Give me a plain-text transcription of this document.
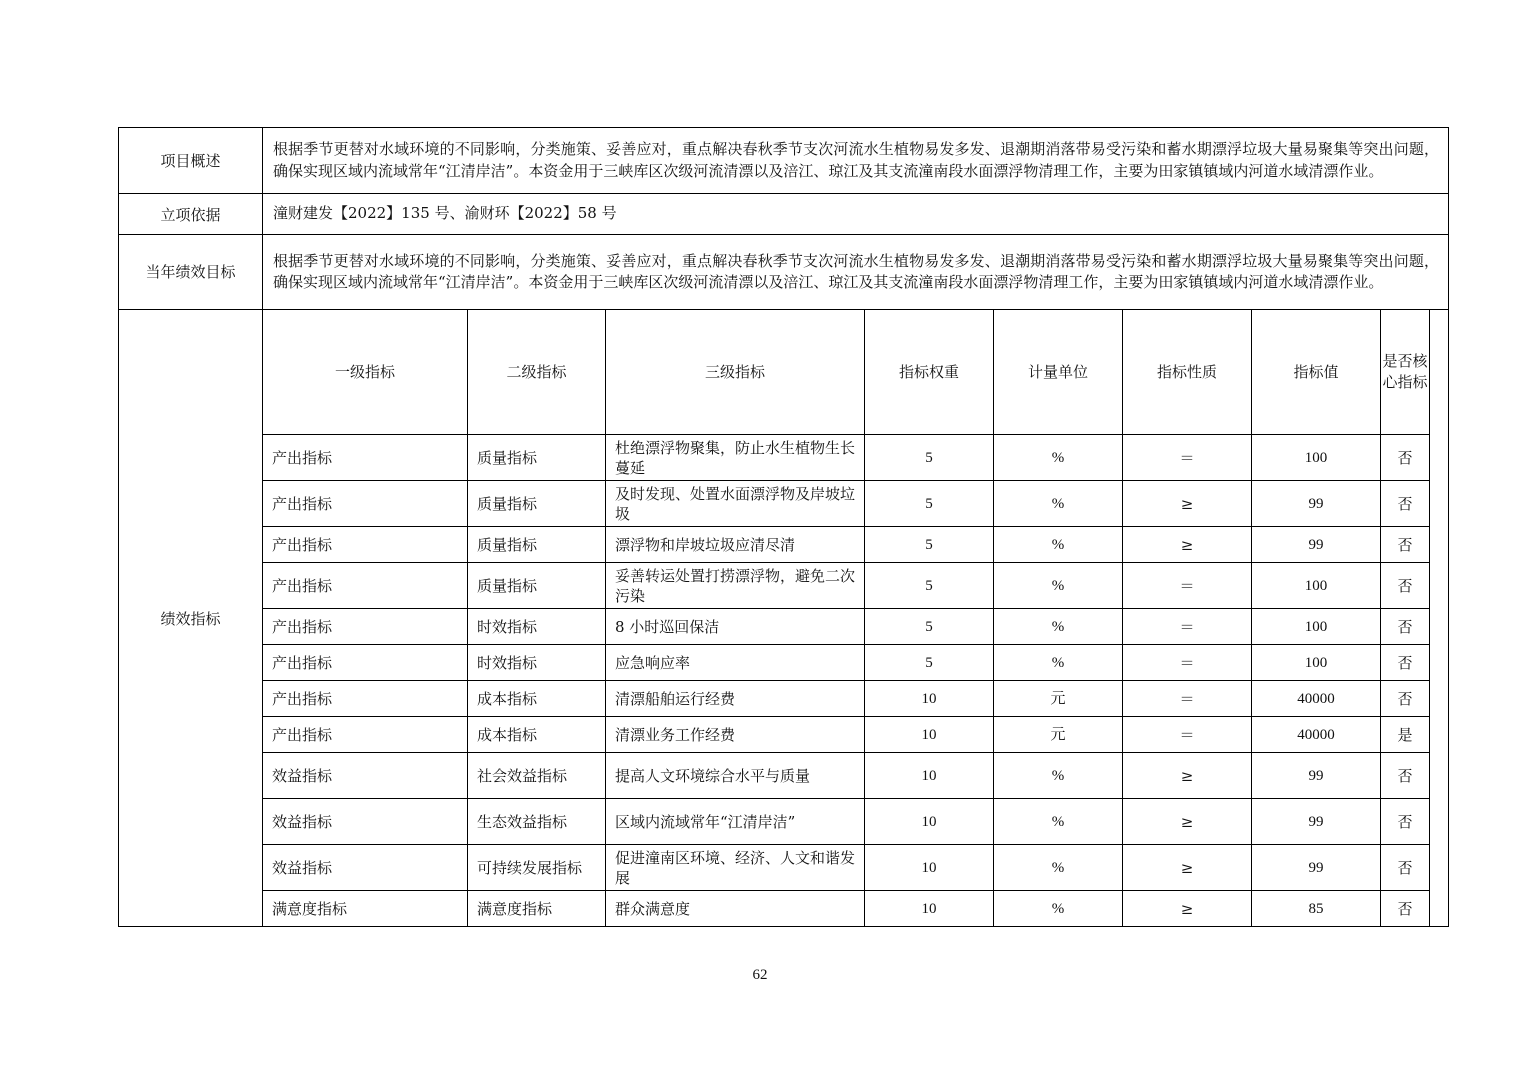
项目概述	根据季节更替对水域环境的不同影响，分类施策、妥善应对，重点解决春秋季节支次河流水生植物易发多发、退潮期消落带易受污染和蓄水期漂浮垃圾大量易聚集等突出问题，确保实现区域内流域常年“江清岸洁”。本资金用于三峡库区次级河流清漂以及涪江、琼江及其支流潼南段水面漂浮物清理工作，主要为田家镇镇域内河道水域清漂作业。
立项依据	潼财建发【2022】135 号、渝财环【2022】58 号
当年绩效目标	根据季节更替对水域环境的不同影响，分类施策、妥善应对，重点解决春秋季节支次河流水生植物易发多发、退潮期消落带易受污染和蓄水期漂浮垃圾大量易聚集等突出问题，确保实现区域内流域常年“江清岸洁”。本资金用于三峡库区次级河流清漂以及涪江、琼江及其支流潼南段水面漂浮物清理工作，主要为田家镇镇域内河道水域清漂作业。
绩效指标	
一级指标	二级指标	三级指标	指标权重	计量单位	指标性质	指标值	是否核心指标
产出指标	质量指标	杜绝漂浮物聚集，防止水生植物生长蔓延	5	%	＝	100	否
产出指标	质量指标	及时发现、处置水面漂浮物及岸坡垃圾	5	%	≥	99	否
产出指标	质量指标	漂浮物和岸坡垃圾应清尽清	5	%	≥	99	否
产出指标	质量指标	妥善转运处置打捞漂浮物，避免二次污染	5	%	＝	100	否
产出指标	时效指标	8 小时巡回保洁	5	%	＝	100	否
产出指标	时效指标	应急响应率	5	%	＝	100	否
产出指标	成本指标	清漂船舶运行经费	10	元	＝	40000	否
产出指标	成本指标	清漂业务工作经费	10	元	＝	40000	是
效益指标	社会效益指标	提高人文环境综合水平与质量	10	%	≥	99	否
效益指标	生态效益指标	区域内流域常年“江清岸洁”	10	%	≥	99	否
效益指标	可持续发展指标	促进潼南区环境、经济、人文和谐发展	10	%	≥	99	否
满意度指标	满意度指标	群众满意度	10	%	≥	85	否
62
